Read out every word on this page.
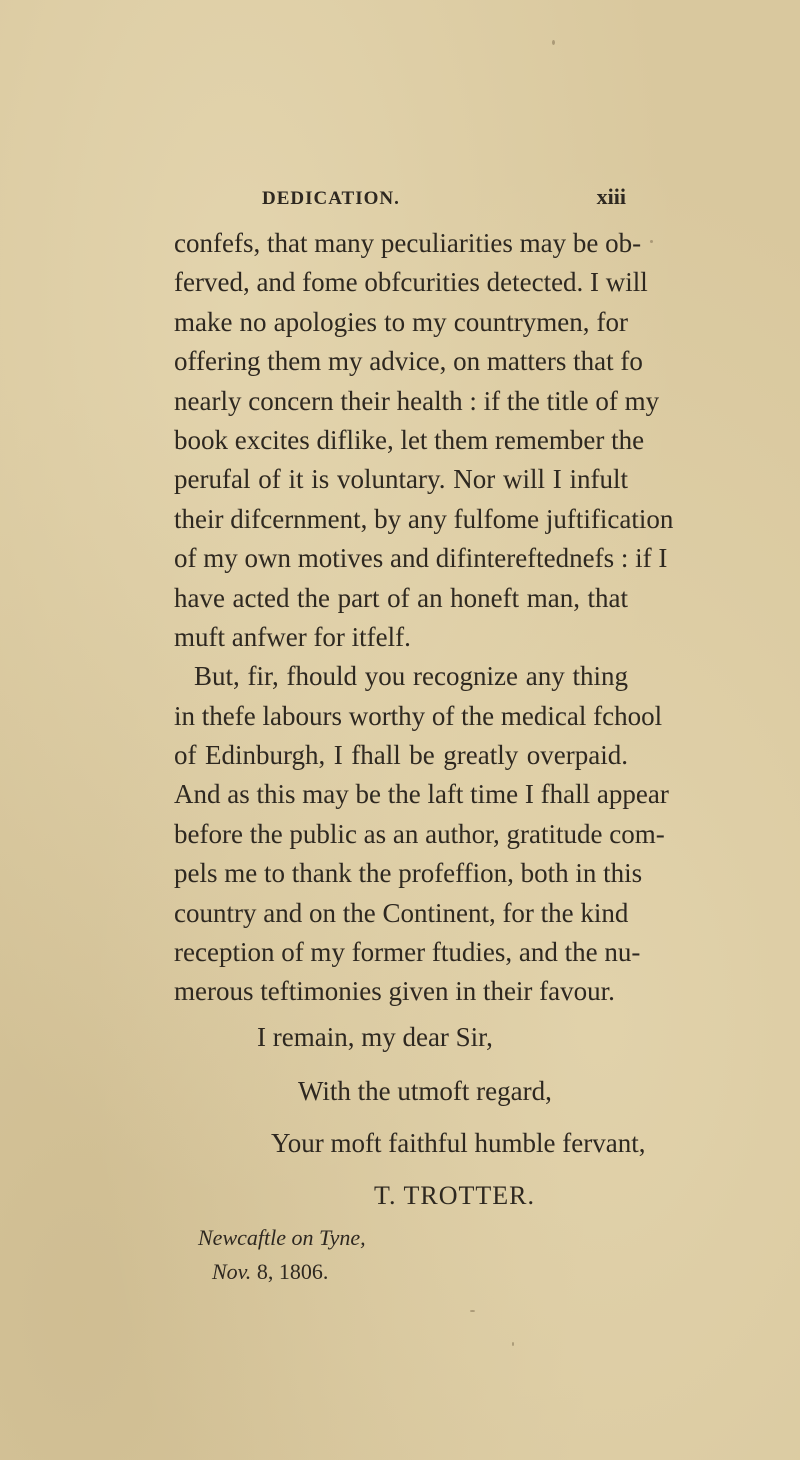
DEDICATION.	xiii
confefs, that many peculiarities may be ob-
ferved, and fome obfcurities detected. I will
make no apologies to my countrymen, for
offering them my advice, on matters that fo
nearly concern their health : if the title of my
book excites diflike, let them remember the
perufal of it is voluntary. Nor will I infult
their difcernment, by any fulfome juftification
of my own motives and difintereftednefs : if I
have acted the part of an honeft man, that
muft anfwer for itfelf.
But, fir, fhould you recognize any thing
in thefe labours worthy of the medical fchool
of Edinburgh, I fhall be greatly overpaid.
And as this may be the laft time I fhall appear
before the public as an author, gratitude com-
pels me to thank the profeffion, both in this
country and on the Continent, for the kind
reception of my former ftudies, and the nu-
merous teftimonies given in their favour.
I remain, my dear Sir,
With the utmoft regard,
Your moft faithful humble fervant,
T. TROTTER.
Newcaftle on Tyne,
Nov. 8, 1806.
